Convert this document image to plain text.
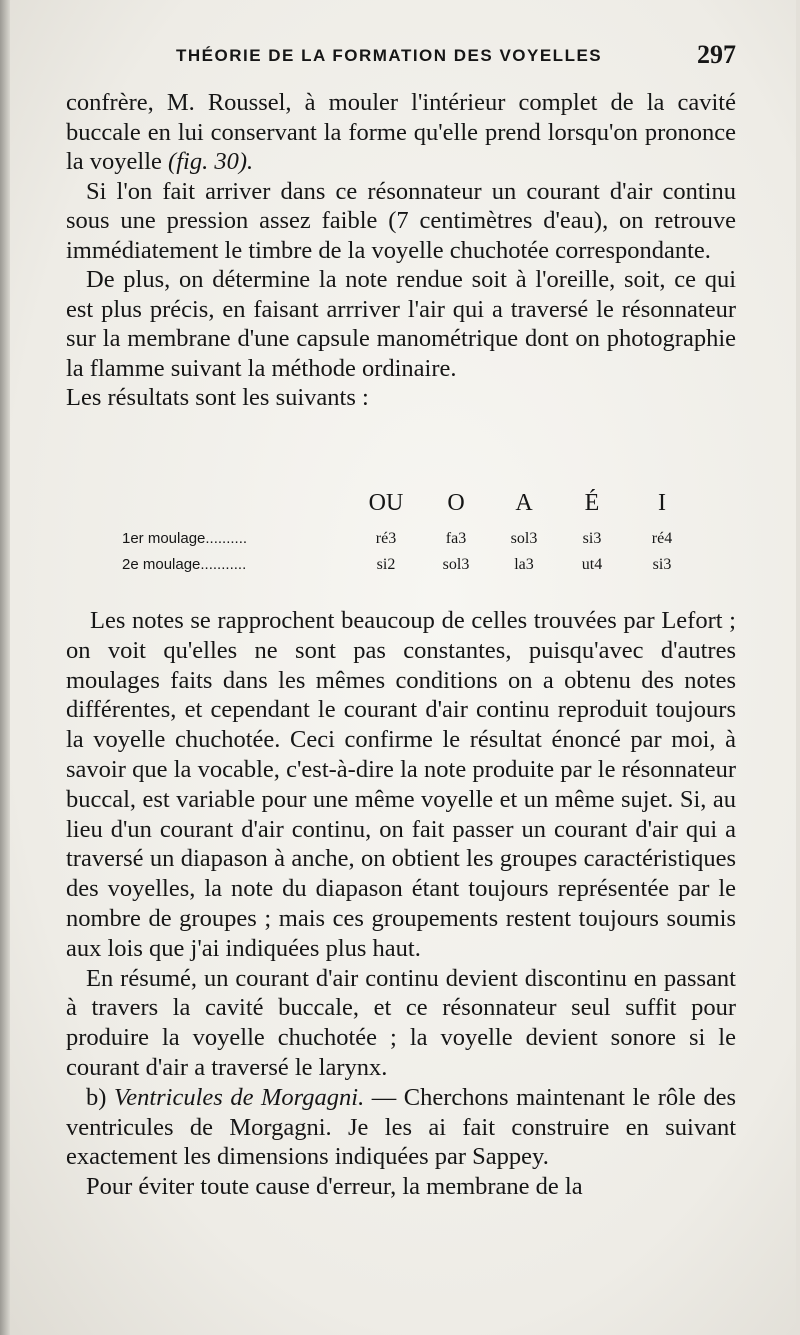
THÉORIE DE LA FORMATION DES VOYELLES	297

confrère, M. Roussel, à mouler l'intérieur complet de la cavité buccale en lui conservant la forme qu'elle prend lorsqu'on prononce la voyelle (fig. 30).

Si l'on fait arriver dans ce résonnateur un courant d'air continu sous une pression assez faible (7 centimètres d'eau), on retrouve immédiatement le timbre de la voyelle chuchotée correspondante.

De plus, on détermine la note rendue soit à l'oreille, soit, ce qui est plus précis, en faisant arrriver l'air qui a traversé le résonnateur sur la membrane d'une capsule manométrique dont on photographie la flamme suivant la méthode ordinaire.

Les résultats sont les suivants :

OU O A É I
1er moulage..........	ré3	fa3	sol3	si3	ré4
2e moulage...........	si2	sol3	la3	ut4	si3

Les notes se rapprochent beaucoup de celles trouvées par Lefort ; on voit qu'elles ne sont pas constantes, puisqu'avec d'autres moulages faits dans les mêmes conditions on a obtenu des notes différentes, et cependant le courant d'air continu reproduit toujours la voyelle chuchotée. Ceci confirme le résultat énoncé par moi, à savoir que la vocable, c'est-à-dire la note produite par le résonnateur buccal, est variable pour une même voyelle et un même sujet. Si, au lieu d'un courant d'air continu, on fait passer un courant d'air qui a traversé un diapason à anche, on obtient les groupes caractéristiques des voyelles, la note du diapason étant toujours représentée par le nombre de groupes ; mais ces groupements restent toujours soumis aux lois que j'ai indiquées plus haut.

En résumé, un courant d'air continu devient discontinu en passant à travers la cavité buccale, et ce résonnateur seul suffit pour produire la voyelle chuchotée ; la voyelle devient sonore si le courant d'air a traversé le larynx.

b) Ventricules de Morgagni. — Cherchons maintenant le rôle des ventricules de Morgagni. Je les ai fait construire en suivant exactement les dimensions indiquées par Sappey.

Pour éviter toute cause d'erreur, la membrane de la
